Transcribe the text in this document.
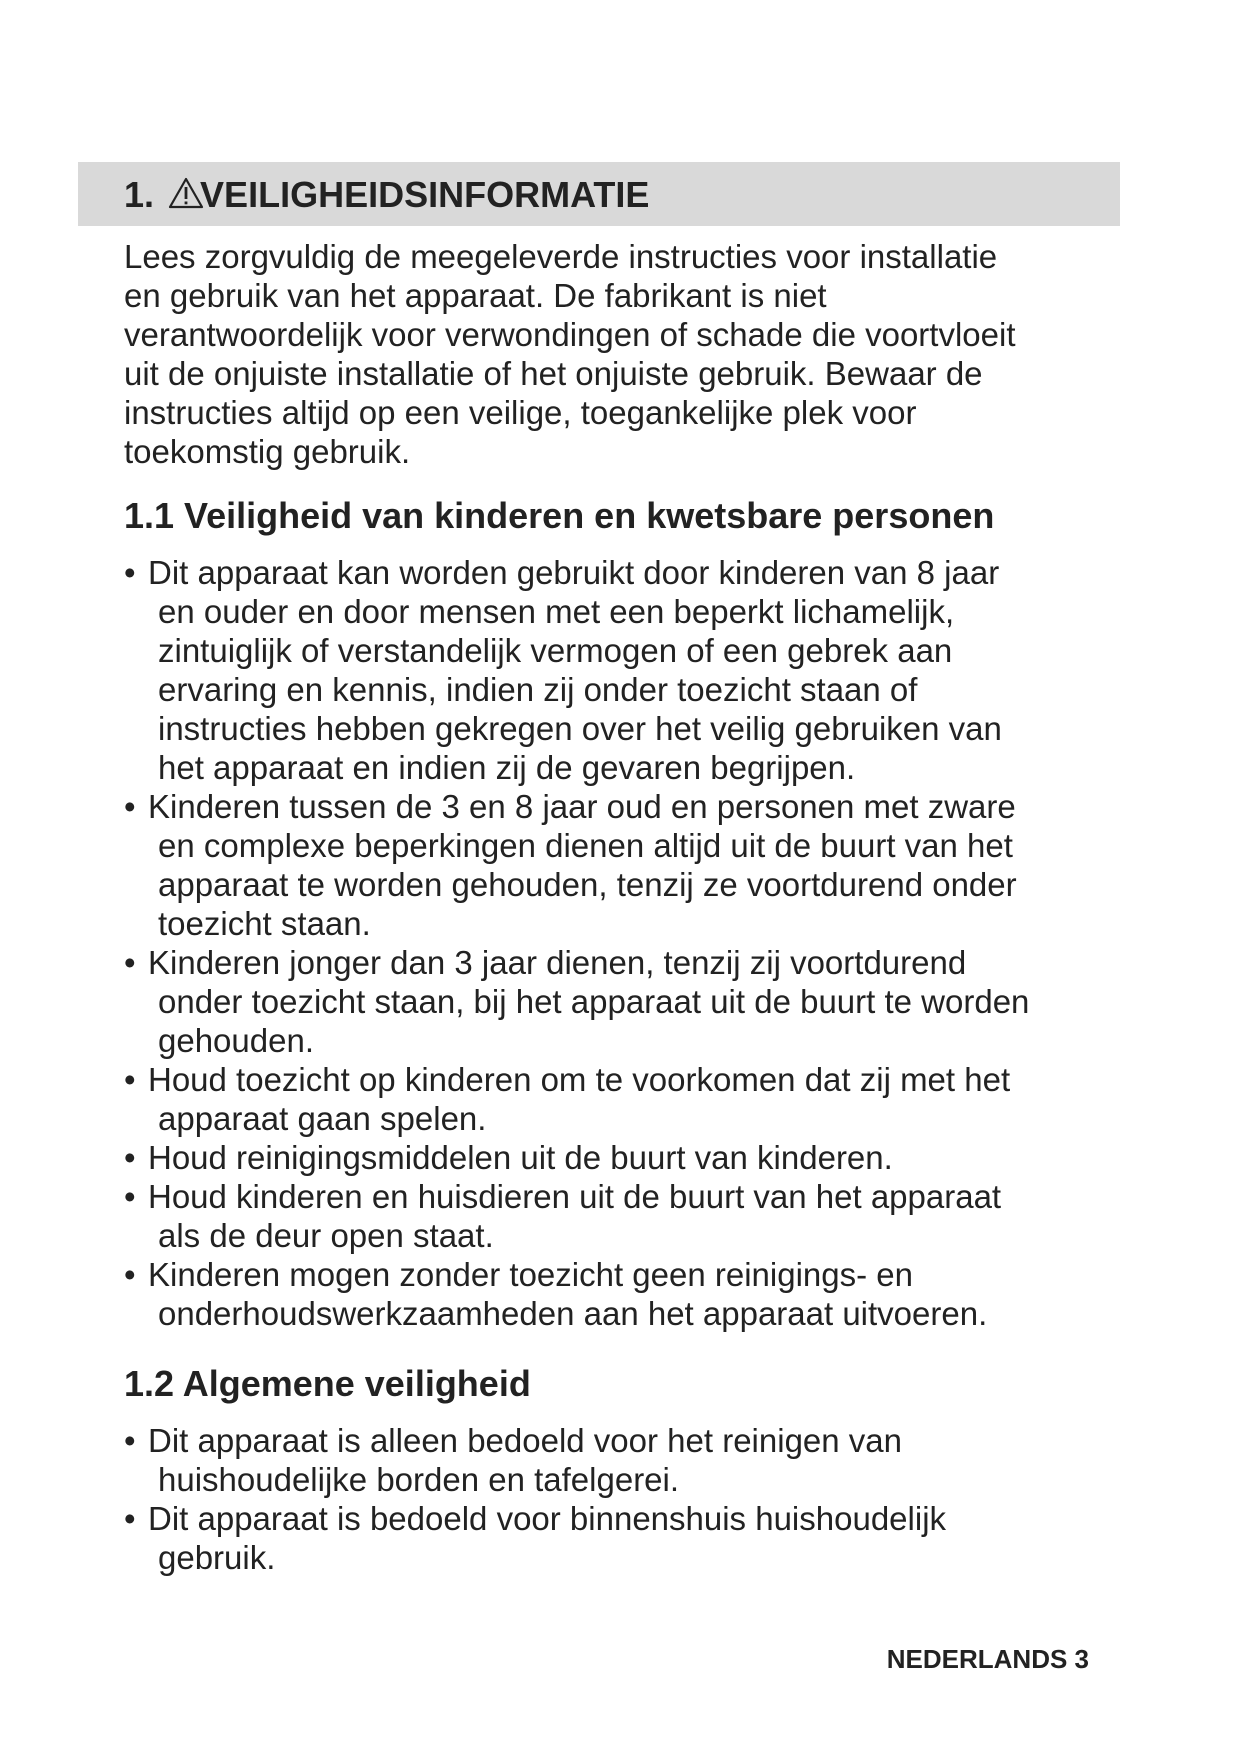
1. VEILIGHEIDSINFORMATIE

Lees zorgvuldig de meegeleverde instructies voor installatie

en gebruik van het apparaat. De fabrikant is niet

verantwoordelijk voor verwondingen of schade die voortvloeit

uit de onjuiste installatie of het onjuiste gebruik. Bewaar de

instructies altijd op een veilige, toegankelijke plek voor

toekomstig gebruik.

1.1 Veiligheid van kinderen en kwetsbare personen
• Dit apparaat kan worden gebruikt door kinderen van 8 jaar
en ouder en door mensen met een beperkt lichamelijk,
zintuiglijk of verstandelijk vermogen of een gebrek aan
ervaring en kennis, indien zij onder toezicht staan of
instructies hebben gekregen over het veilig gebruiken van
het apparaat en indien zij de gevaren begrijpen.
• Kinderen tussen de 3 en 8 jaar oud en personen met zware
en complexe beperkingen dienen altijd uit de buurt van het
apparaat te worden gehouden, tenzij ze voortdurend onder
toezicht staan.
• Kinderen jonger dan 3 jaar dienen, tenzij zij voortdurend
onder toezicht staan, bij het apparaat uit de buurt te worden
gehouden.
• Houd toezicht op kinderen om te voorkomen dat zij met het
apparaat gaan spelen.
• Houd reinigingsmiddelen uit de buurt van kinderen.
• Houd kinderen en huisdieren uit de buurt van het apparaat
als de deur open staat.
• Kinderen mogen zonder toezicht geen reinigings- en
onderhoudswerkzaamheden aan het apparaat uitvoeren.
1.2 Algemene veiligheid
• Dit apparaat is alleen bedoeld voor het reinigen van
huishoudelijke borden en tafelgerei.
• Dit apparaat is bedoeld voor binnenshuis huishoudelijk
gebruik.
NEDERLANDS 3
